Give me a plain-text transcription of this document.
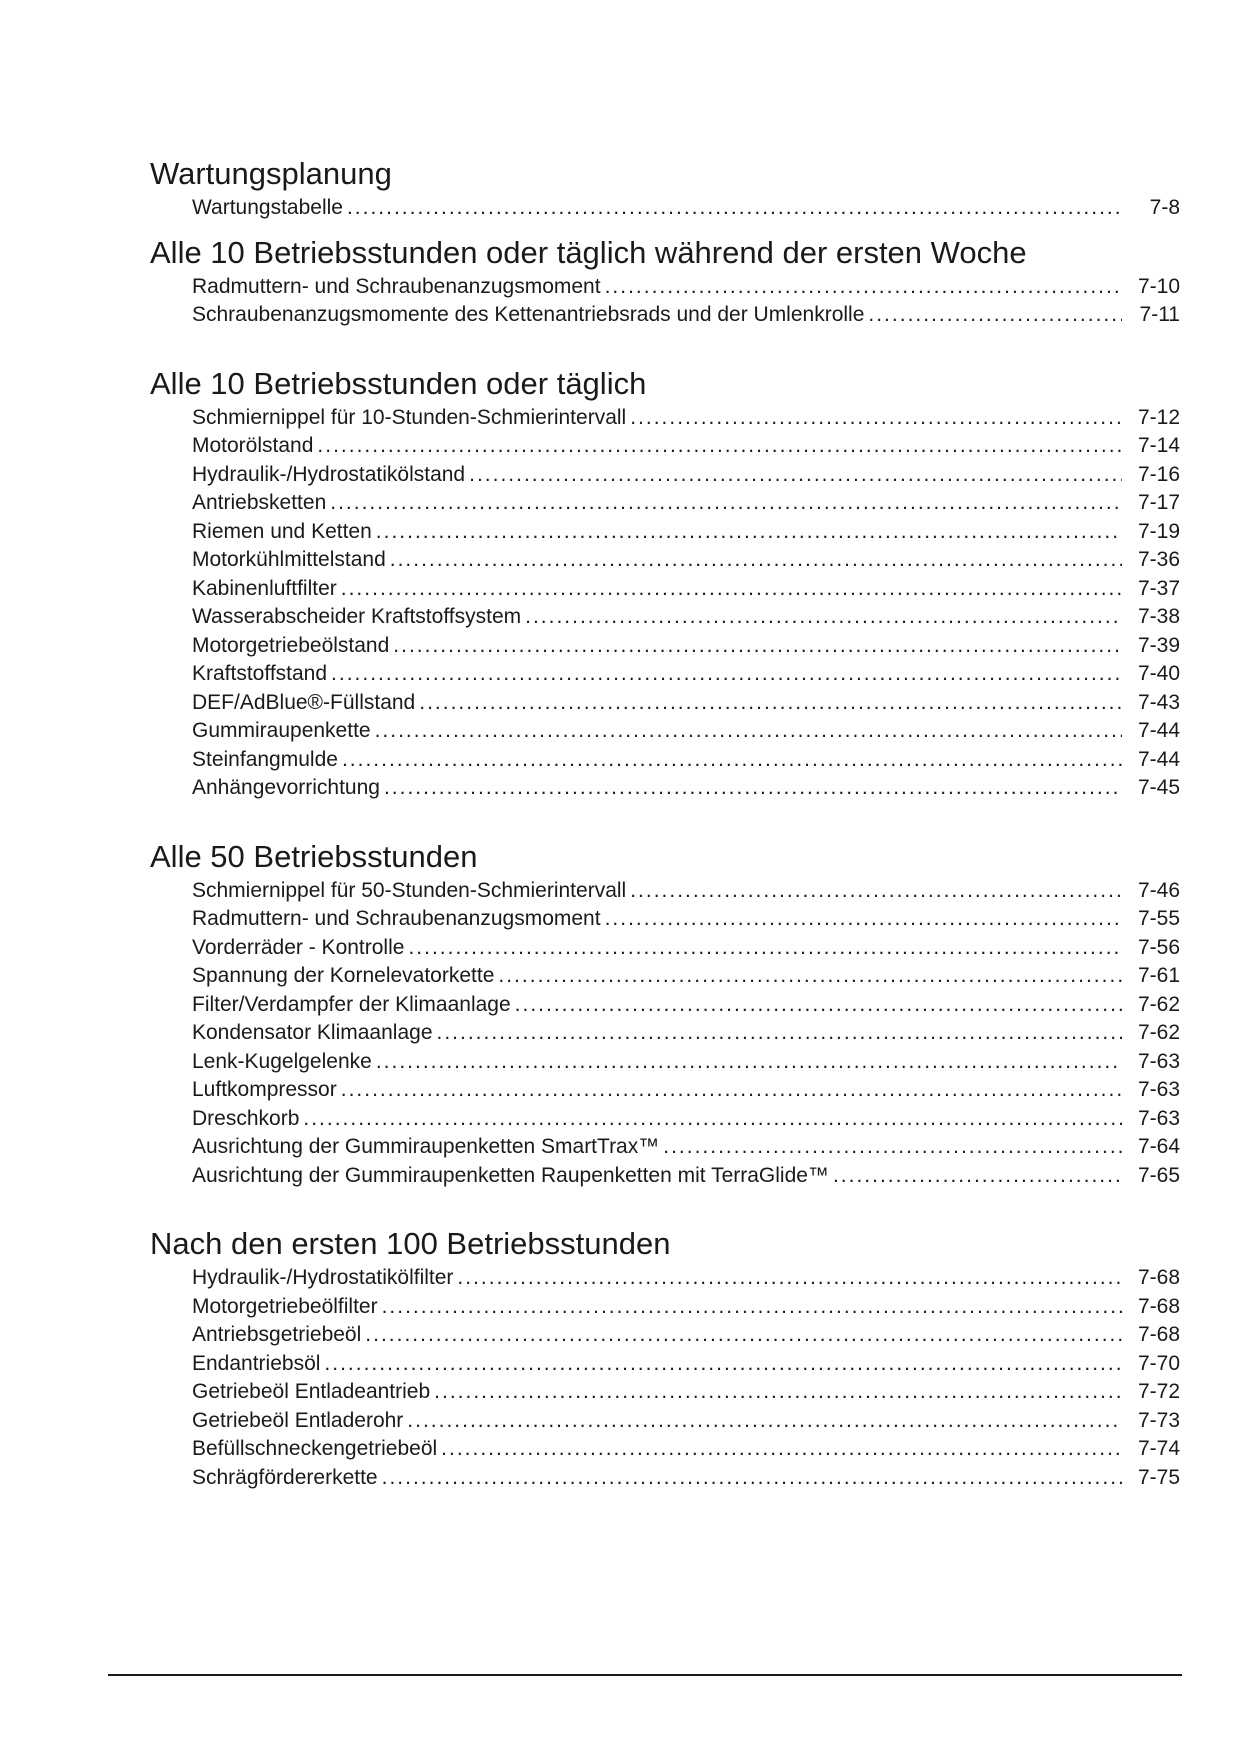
Wartungsplanung
Wartungstabelle .....	7-8
Alle 10 Betriebsstunden oder täglich während der ersten Woche
Radmuttern- und Schraubenanzugsmoment .....	7-10
Schraubenanzugsmomente des Kettenantriebsrads und der Umlenkrolle .....	7-11
Alle 10 Betriebsstunden oder täglich
Schmiernippel für 10-Stunden-Schmierintervall .....	7-12
Motorölstand .....	7-14
Hydraulik-/Hydrostatikölstand .....	7-16
Antriebsketten .....	7-17
Riemen und Ketten .....	7-19
Motorkühlmittelstand .....	7-36
Kabinenluftfilter .....	7-37
Wasserabscheider Kraftstoffsystem .....	7-38
Motorgetriebeölstand .....	7-39
Kraftstoffstand .....	7-40
DEF/AdBlue®-Füllstand .....	7-43
Gummiraupenkette .....	7-44
Steinfangmulde .....	7-44
Anhängevorrichtung .....	7-45
Alle 50 Betriebsstunden
Schmiernippel für 50-Stunden-Schmierintervall .....	7-46
Radmuttern- und Schraubenanzugsmoment .....	7-55
Vorderräder - Kontrolle .....	7-56
Spannung der Kornelevatorkette .....	7-61
Filter/Verdampfer der Klimaanlage .....	7-62
Kondensator Klimaanlage .....	7-62
Lenk-Kugelgelenke .....	7-63
Luftkompressor .....	7-63
Dreschkorb .....	7-63
Ausrichtung der Gummiraupenketten SmartTrax™ .....	7-64
Ausrichtung der Gummiraupenketten Raupenketten mit TerraGlide™ .....	7-65
Nach den ersten 100 Betriebsstunden
Hydraulik-/Hydrostatikölfilter .....	7-68
Motorgetriebeölfilter .....	7-68
Antriebsgetriebeöl .....	7-68
Endantriebsöl .....	7-70
Getriebeöl Entladeantrieb .....	7-72
Getriebeöl Entladerohr .....	7-73
Befüllschneckengetriebeöl .....	7-74
Schrägfördererkette .....	7-75
